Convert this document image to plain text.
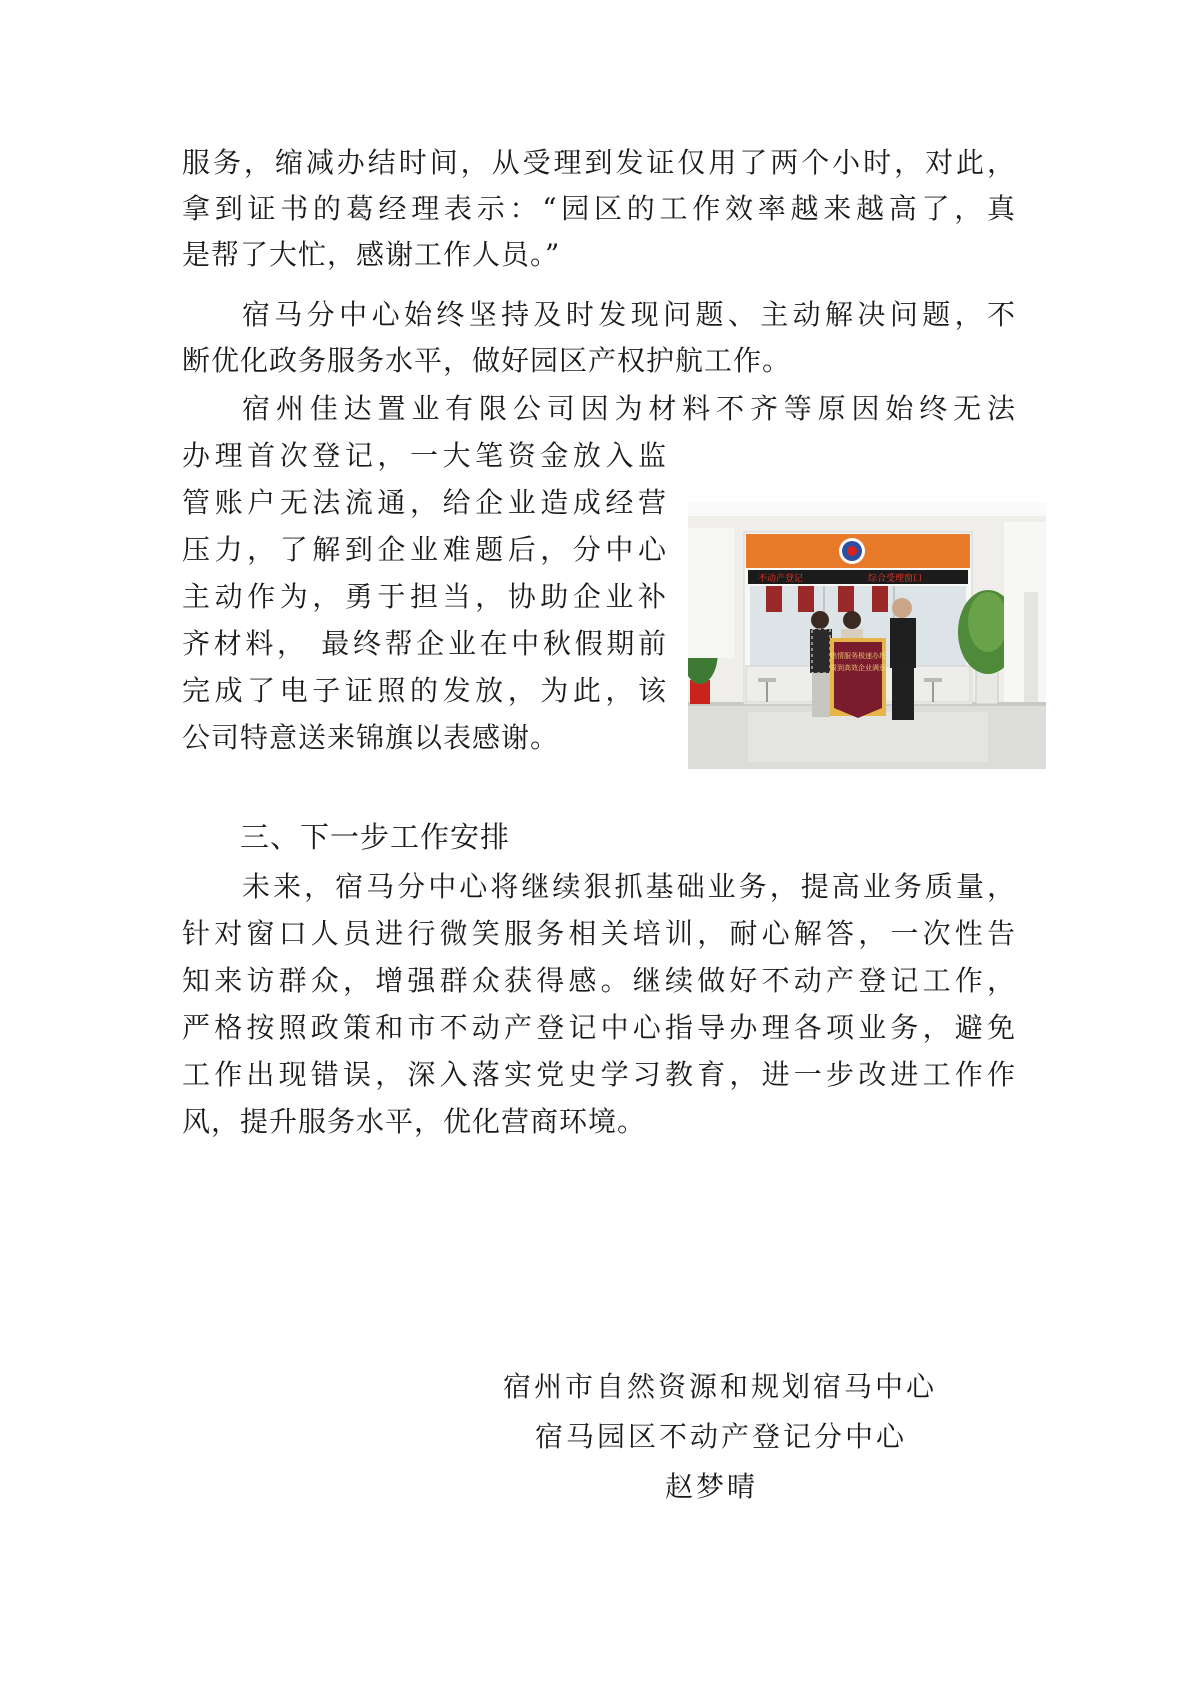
服务，缩减办结时间，从受理到发证仅用了两个小时，对此，
拿到证书的葛经理表示：“园区的工作效率越来越高了，真
是帮了大忙，感谢工作人员。”
宿马分中心始终坚持及时发现问题、主动解决问题，不
断优化政务服务水平，做好园区产权护航工作。
宿州佳达置业有限公司因为材料不齐等原因始终无法
办理首次登记，一大笔资金放入监
管账户无法流通，给企业造成经营
压力，了解到企业难题后，分中心
主动作为，勇于担当，协助企业补
齐材料， 最终帮企业在中秋假期前
完成了电子证照的发放，为此，该
公司特意送来锦旗以表感谢。
不动产登记	综合受理窗口
热情服务极速办理
周到高效企业满意
三、下一步工作安排
未来，宿马分中心将继续狠抓基础业务，提高业务质量，
针对窗口人员进行微笑服务相关培训，耐心解答，一次性告
知来访群众，增强群众获得感。继续做好不动产登记工作，
严格按照政策和市不动产登记中心指导办理各项业务，避免
工作出现错误，深入落实党史学习教育，进一步改进工作作
风，提升服务水平，优化营商环境。
宿州市自然资源和规划宿马中心
宿马园区不动产登记分中心
赵梦晴
